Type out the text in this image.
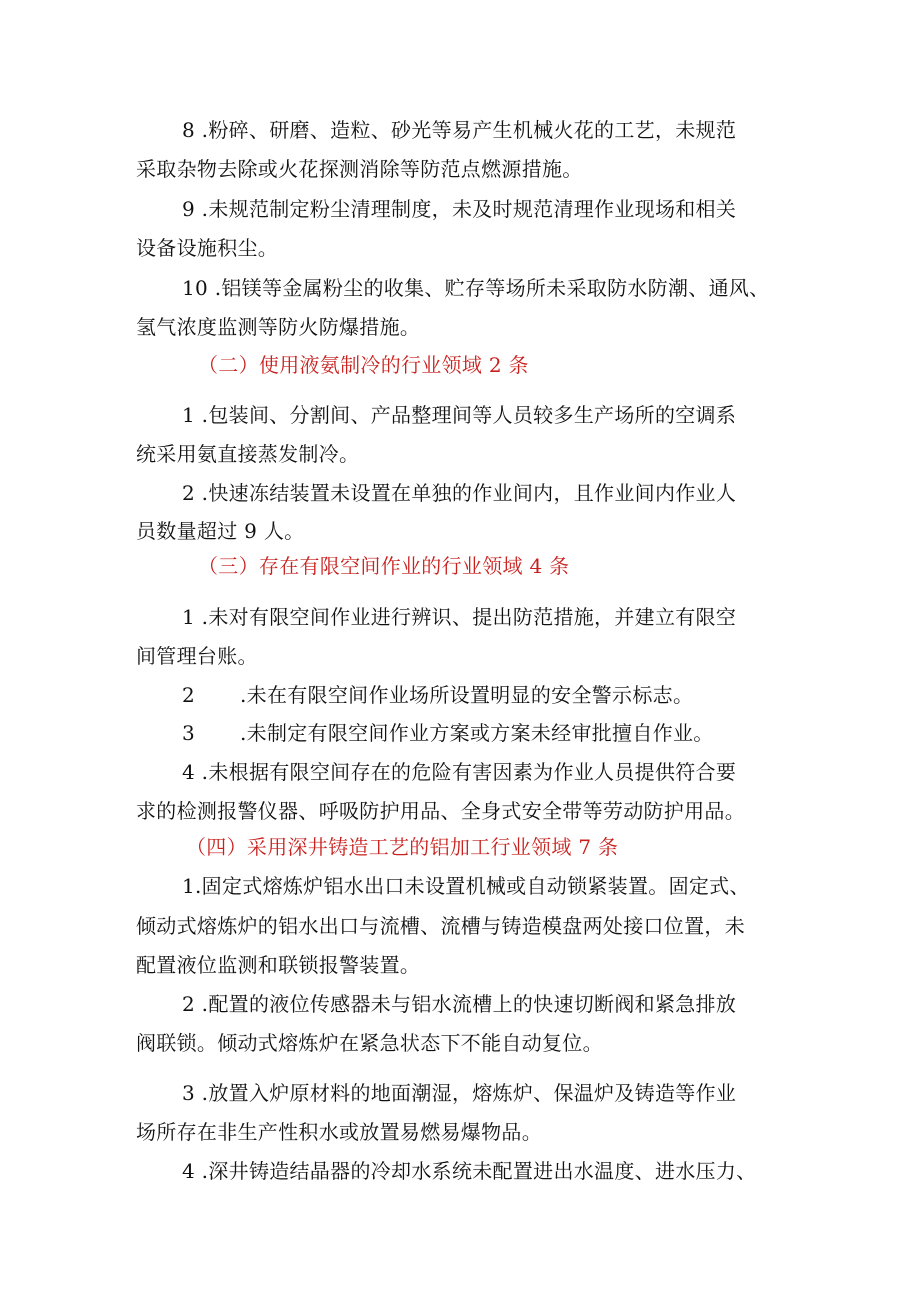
8 .粉碎、研磨、造粒、砂光等易产生机械火花的工艺，未规范
采取杂物去除或火花探测消除等防范点燃源措施。
9 .未规范制定粉尘清理制度，未及时规范清理作业现场和相关
设备设施积尘。
10 .铝镁等金属粉尘的收集、贮存等场所未采取防水防潮、通风、
氢气浓度监测等防火防爆措施。
（二）使用液氨制冷的行业领域 2 条
1 .包装间、分割间、产品整理间等人员较多生产场所的空调系
统采用氨直接蒸发制冷。
2 .快速冻结装置未设置在单独的作业间内，且作业间内作业人
员数量超过 9 人。
（三）存在有限空间作业的行业领域 4 条
1 .未对有限空间作业进行辨识、提出防范措施，并建立有限空
间管理台账。
2 .未在有限空间作业场所设置明显的安全警示标志。
3 .未制定有限空间作业方案或方案未经审批擅自作业。
4 .未根据有限空间存在的危险有害因素为作业人员提供符合要
求的检测报警仪器、呼吸防护用品、全身式安全带等劳动防护用品。
（四）采用深井铸造工艺的铝加工行业领域 7 条
1.固定式熔炼炉铝水出口未设置机械或自动锁紧装置。固定式、
倾动式熔炼炉的铝水出口与流槽、流槽与铸造模盘两处接口位置，未
配置液位监测和联锁报警装置。
2 .配置的液位传感器未与铝水流槽上的快速切断阀和紧急排放
阀联锁。倾动式熔炼炉在紧急状态下不能自动复位。
3 .放置入炉原材料的地面潮湿，熔炼炉、保温炉及铸造等作业
场所存在非生产性积水或放置易燃易爆物品。
4 .深井铸造结晶器的冷却水系统未配置进出水温度、进水压力、
